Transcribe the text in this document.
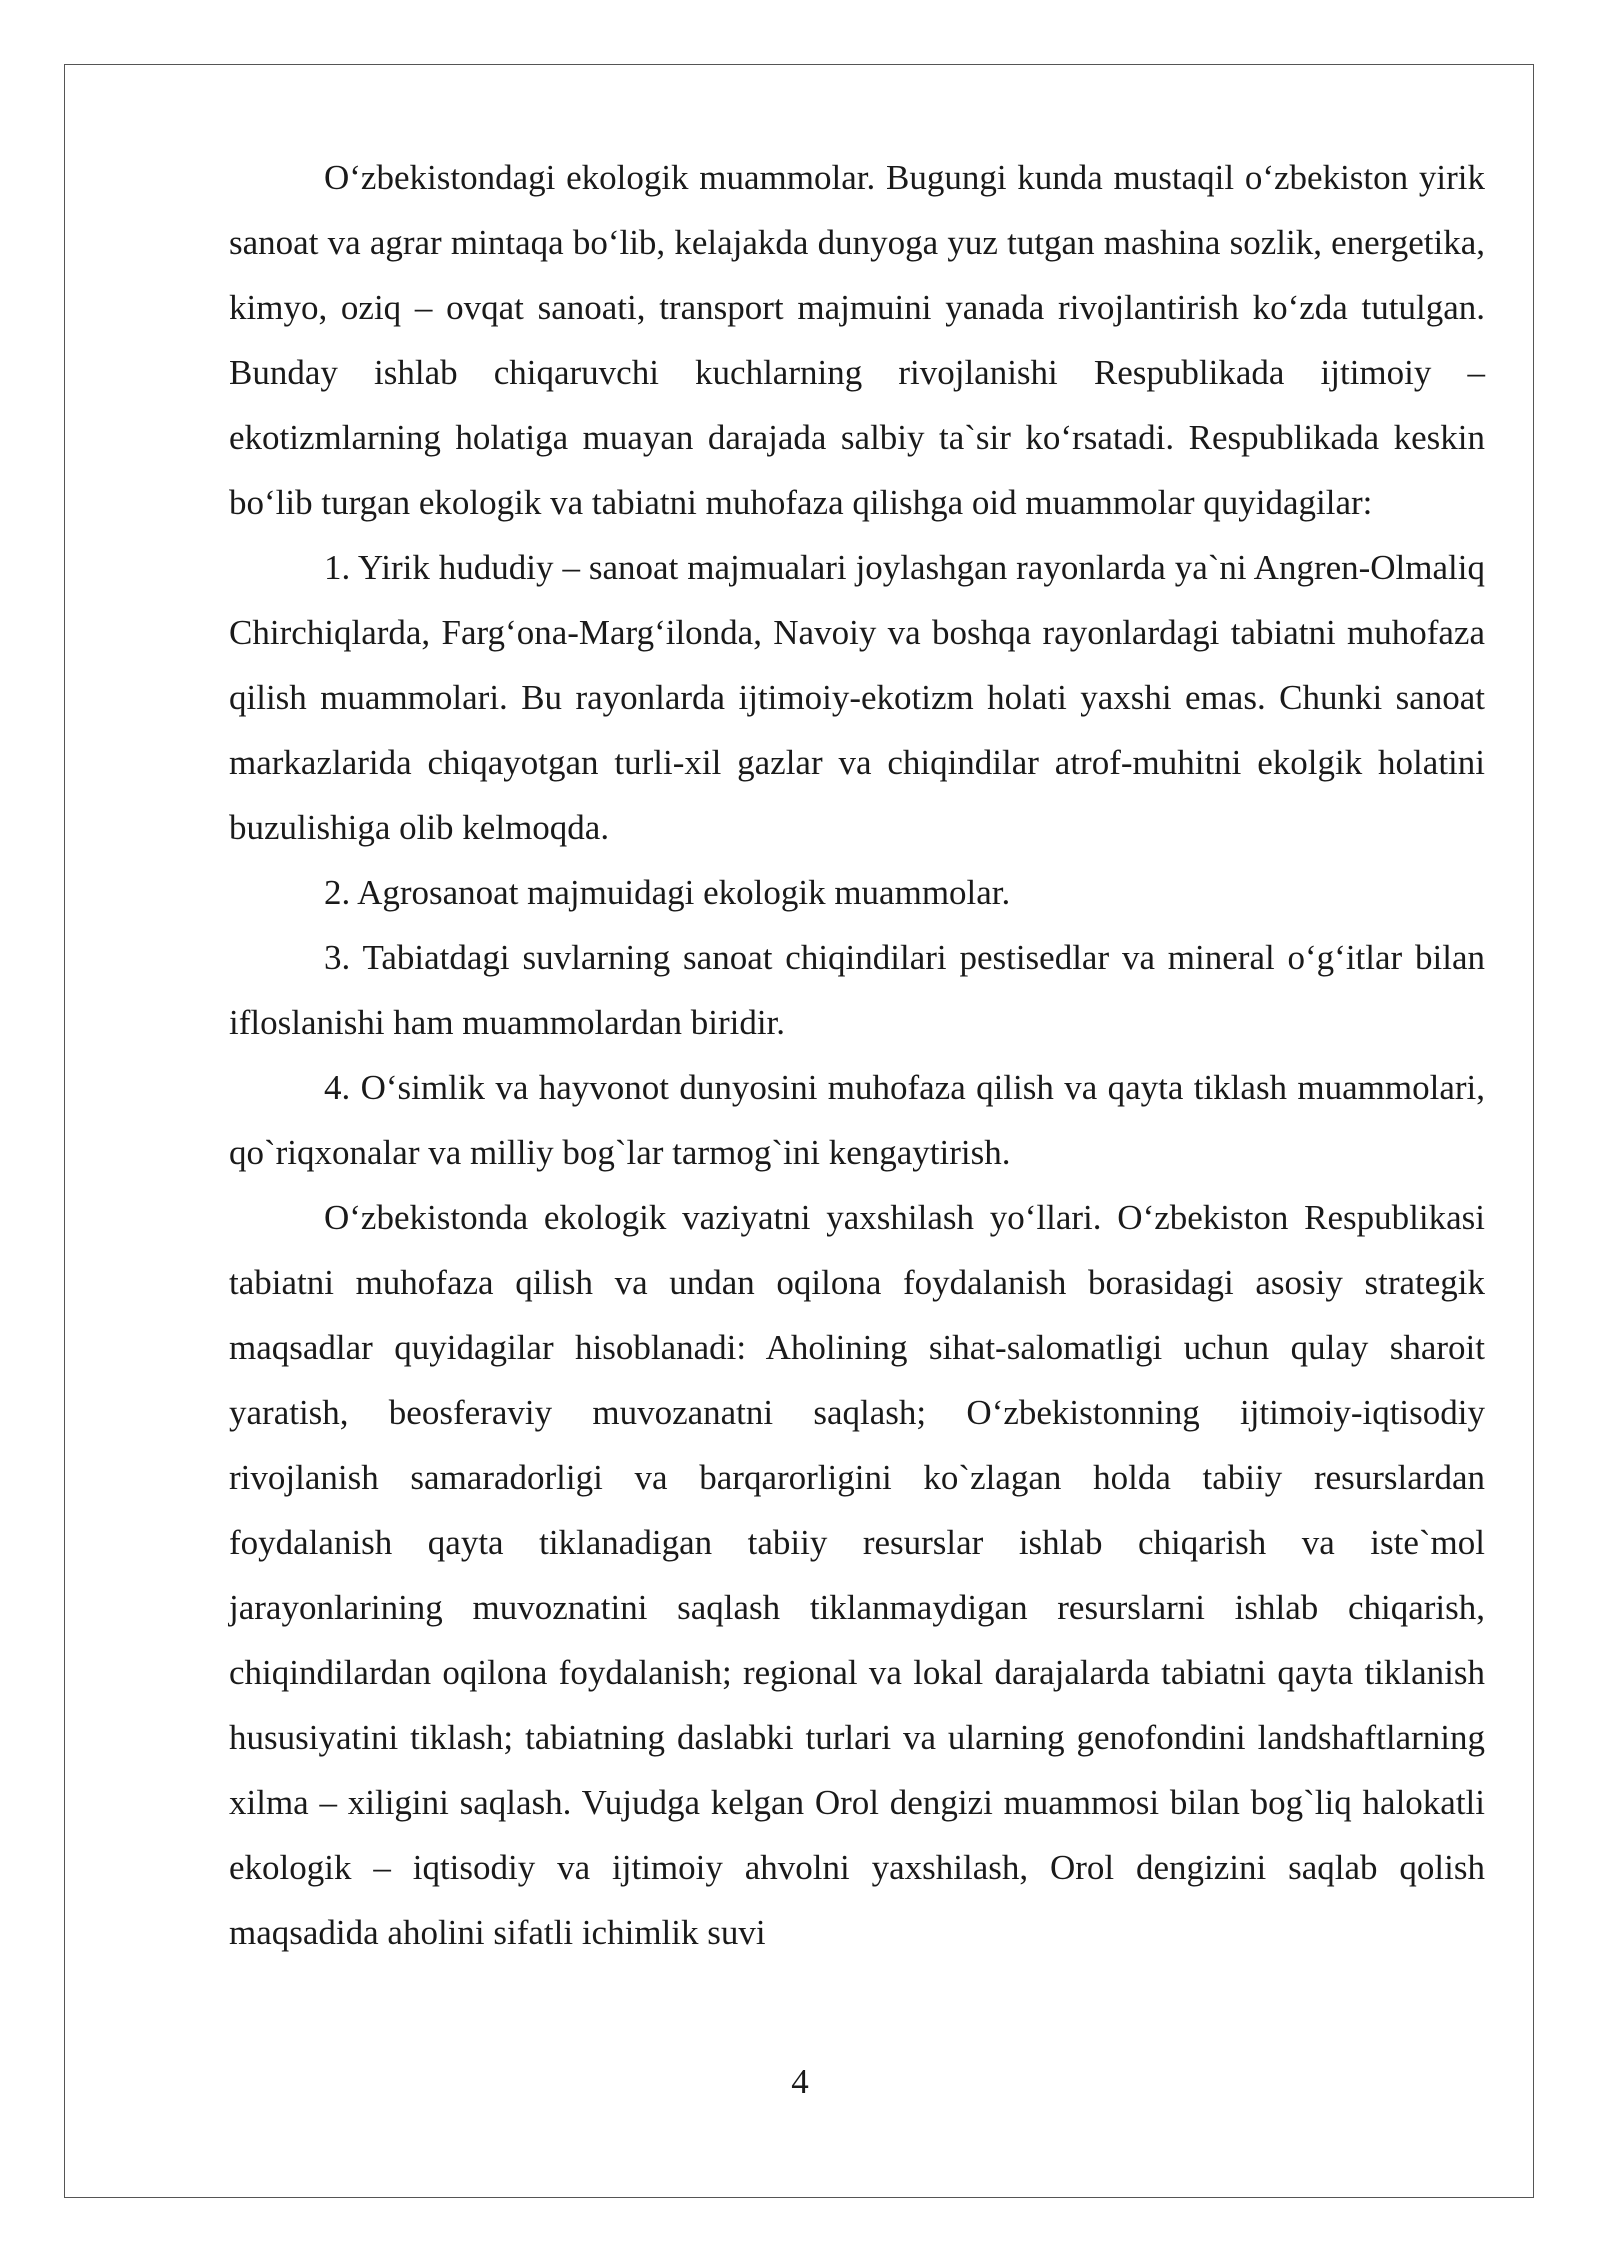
O‘zbekistondagi ekologik muammolar. Bugungi kunda mustaqil o‘zbekiston yirik sanoat va agrar mintaqa bo‘lib, kelajakda dunyoga yuz tutgan mashina sozlik, energetika, kimyo, oziq – ovqat sanoati, transport majmuini yanada rivojlantirish ko‘zda tutulgan. Bunday ishlab chiqaruvchi kuchlarning rivojlanishi Respublikada ijtimoiy – ekotizmlarning holatiga muayan darajada salbiy ta`sir ko‘rsatadi. Respublikada keskin bo‘lib turgan ekologik va tabiatni muhofaza qilishga oid muammolar quyidagilar:

1. Yirik hududiy – sanoat majmualari joylashgan rayonlarda ya`ni Angren-Olmaliq Chirchiqlarda, Farg‘ona-Marg‘ilonda, Navoiy va boshqa rayonlardagi tabiatni muhofaza qilish muammolari. Bu rayonlarda ijtimoiy-ekotizm holati yaxshi emas. Chunki sanoat markazlarida chiqayotgan turli-xil gazlar va chiqindilar atrof-muhitni ekolgik holatini buzulishiga olib kelmoqda.

2. Agrosanoat majmuidagi ekologik muammolar.

3. Tabiatdagi suvlarning sanoat chiqindilari pestisedlar va mineral o‘g‘itlar bilan ifloslanishi ham muammolardan biridir.

4. O‘simlik va hayvonot dunyosini muhofaza qilish va qayta tiklash muammolari, qo`riqxonalar va milliy bog`lar tarmog`ini kengaytirish.

O‘zbekistonda ekologik vaziyatni yaxshilash yo‘llari. O‘zbekiston Respublikasi tabiatni muhofaza qilish va undan oqilona foydalanish borasidagi asosiy strategik maqsadlar quyidagilar hisoblanadi: Aholining sihat-salomatligi uchun qulay sharoit yaratish, beosferaviy muvozanatni saqlash; O‘zbekistonning ijtimoiy-iqtisodiy rivojlanish samaradorligi va barqarorligini ko`zlagan holda tabiiy resurslardan foydalanish qayta tiklanadigan tabiiy resurslar ishlab chiqarish va iste`mol jarayonlarining muvoznatini saqlash tiklanmaydigan resurslarni ishlab chiqarish, chiqindilardan oqilona foydalanish; regional va lokal darajalarda tabiatni qayta tiklanish hususiyatini tiklash; tabiatning daslabki turlari va ularning genofondini landshaftlarning xilma – xiligini saqlash. Vujudga kelgan Orol dengizi muammosi bilan bog`liq halokatli ekologik – iqtisodiy va ijtimoiy ahvolni yaxshilash, Orol dengizini saqlab qolish maqsadida aholini sifatli ichimlik suvi

4
